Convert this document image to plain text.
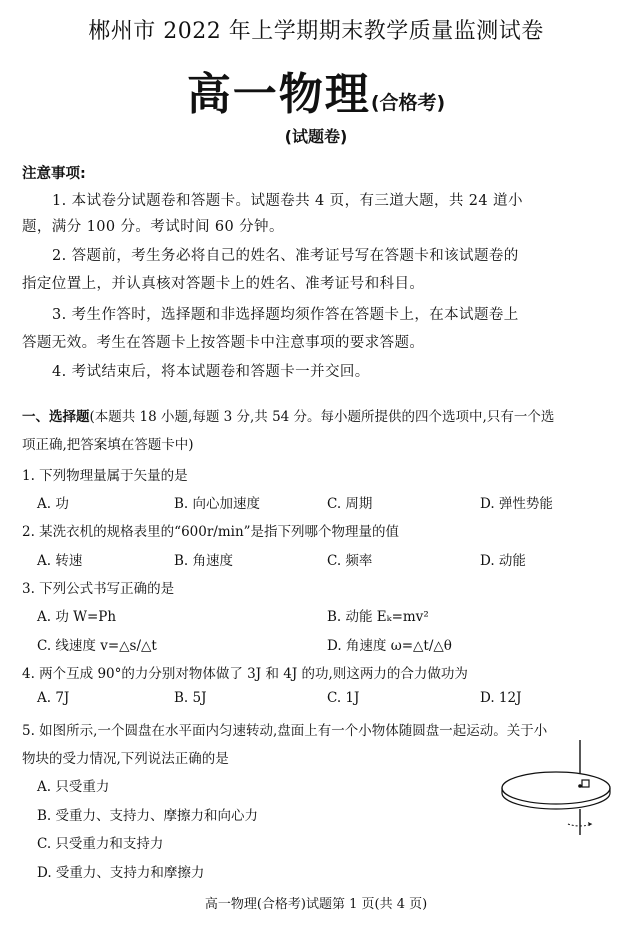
郴州市 2022 年上学期期末教学质量监测试卷
高一物理(合格考)
(试题卷)
注意事项:
1. 本试卷分试题卷和答题卡。试题卷共 4 页，有三道大题，共 24 道小
题，满分 100 分。考试时间 60 分钟。
2. 答题前，考生务必将自己的姓名、准考证号写在答题卡和该试题卷的
指定位置上，并认真核对答题卡上的姓名、准考证号和科目。
3. 考生作答时，选择题和非选择题均须作答在答题卡上，在本试题卷上
答题无效。考生在答题卡上按答题卡中注意事项的要求答题。
4. 考试结束后，将本试题卷和答题卡一并交回。
一、选择题(本题共 18 小题,每题 3 分,共 54 分。每小题所提供的四个选项中,只有一个选
项正确,把答案填在答题卡中)
1. 下列物理量属于矢量的是
A. 功	B. 向心加速度	C. 周期	D. 弹性势能
2. 某洗衣机的规格表里的“600r/min”是指下列哪个物理量的值
A. 转速	B. 角速度	C. 频率	D. 动能
3. 下列公式书写正确的是
A. 功 W=Ph	B. 动能 Eₖ=mv²
C. 线速度 v=△s/△t	D. 角速度 ω=△t/△θ
4. 两个互成 90°的力分别对物体做了 3J 和 4J 的功,则这两力的合力做功为
A. 7J	B. 5J	C. 1J	D. 12J
5. 如图所示,一个圆盘在水平面内匀速转动,盘面上有一个小物体随圆盘一起运动。关于小
物块的受力情况,下列说法正确的是
A. 只受重力
B. 受重力、支持力、摩擦力和向心力
C. 只受重力和支持力
D. 受重力、支持力和摩擦力
高一物理(合格考)试题第 1 页(共 4 页)
